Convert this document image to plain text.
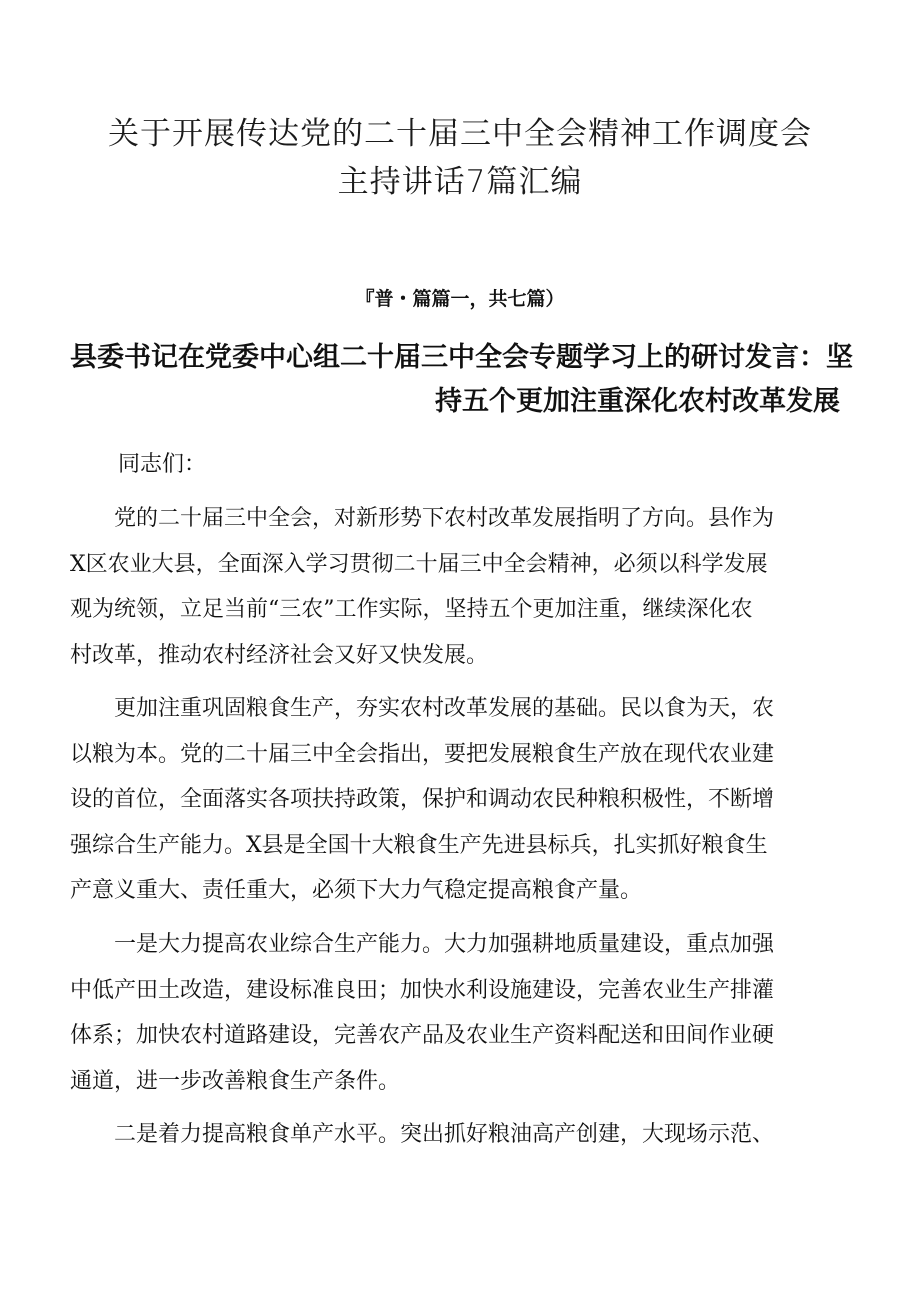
关于开展传达党的二十届三中全会精神工作调度会
主持讲话7篇汇编
『普・篇篇一，共七篇）
县委书记在党委中心组二十届三中全会专题学习上的研讨发言：坚
持五个更加注重深化农村改革发展
同志们：
　　党的二十届三中全会，对新形势下农村改革发展指明了方向。县作为
X区农业大县，全面深入学习贯彻二十届三中全会精神，必须以科学发展
观为统领，立足当前“三农”工作实际，坚持五个更加注重，继续深化农
村改革，推动农村经济社会又好又快发展。
　　更加注重巩固粮食生产，夯实农村改革发展的基础。民以食为天，农
以粮为本。党的二十届三中全会指出，要把发展粮食生产放在现代农业建
设的首位，全面落实各项扶持政策，保护和调动农民种粮积极性，不断增
强综合生产能力。X县是全国十大粮食生产先进县标兵，扎实抓好粮食生
产意义重大、责任重大，必须下大力气稳定提高粮食产量。
　　一是大力提高农业综合生产能力。大力加强耕地质量建设，重点加强
中低产田土改造，建设标准良田；加快水利设施建设，完善农业生产排灌
体系；加快农村道路建设，完善农产品及农业生产资料配送和田间作业硬
通道，进一步改善粮食生产条件。
　　二是着力提高粮食单产水平。突出抓好粮油高产创建，大现场示范、
